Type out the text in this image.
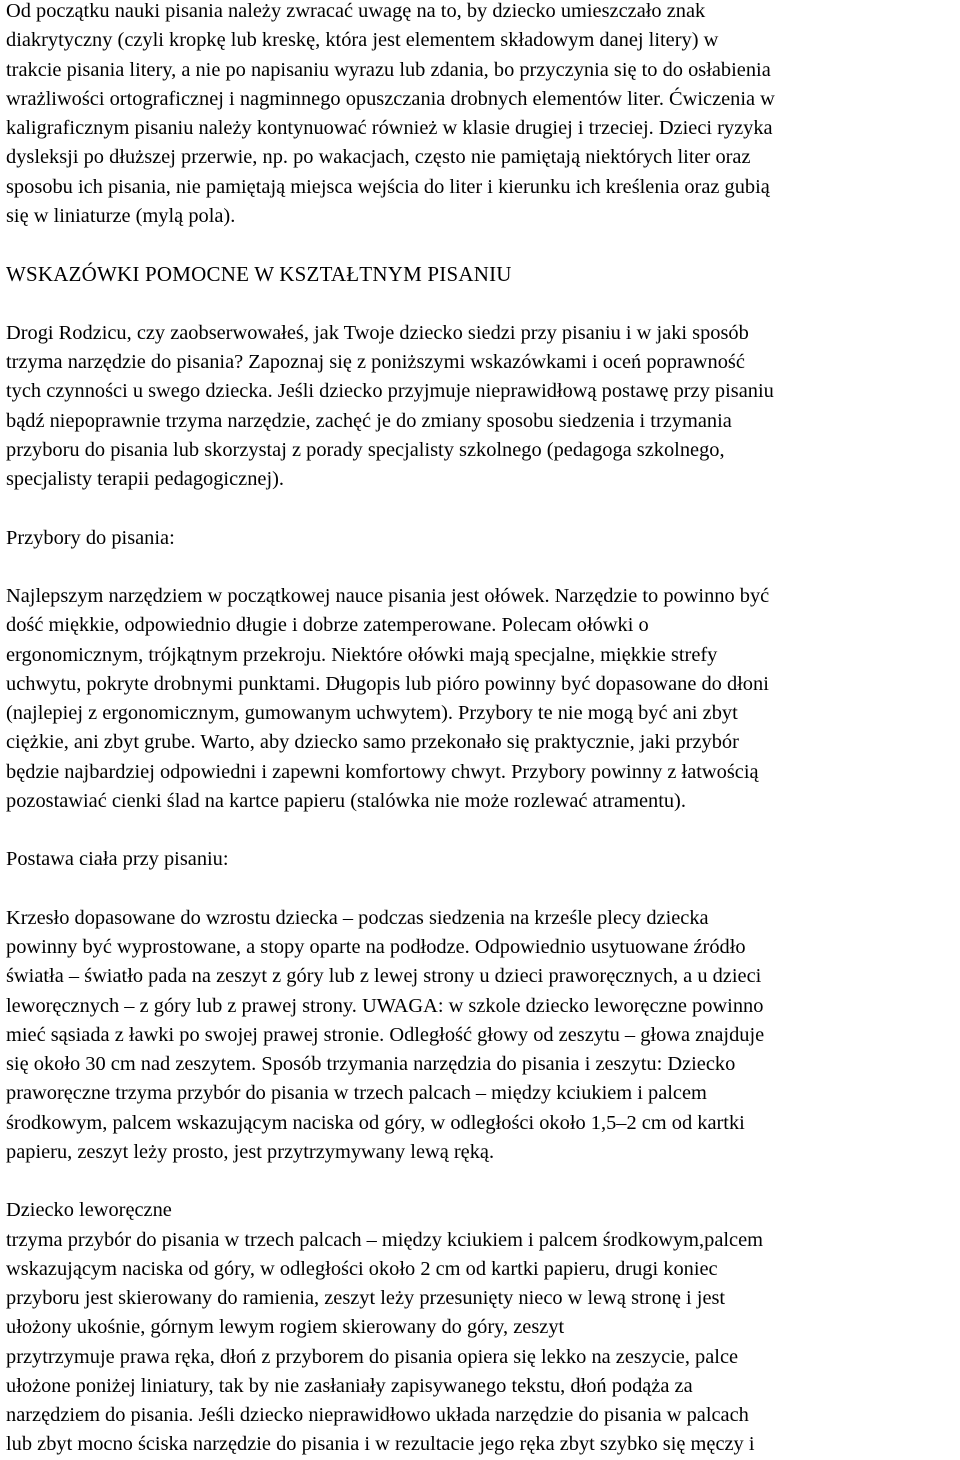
Od początku nauki pisania należy zwracać uwagę na to, by dziecko umieszczało znak
diakrytyczny (czyli kropkę lub kreskę, która jest elementem składowym danej litery) w
trakcie pisania litery, a nie po napisaniu wyrazu lub zdania, bo przyczynia się to do osłabienia
wrażliwości ortograficznej i nagminnego opuszczania drobnych elementów liter. Ćwiczenia w
kaligraficznym pisaniu należy kontynuować również w klasie drugiej i trzeciej. Dzieci ryzyka
dysleksji po dłuższej przerwie, np. po wakacjach, często nie pamiętają niektórych liter oraz
sposobu ich pisania, nie pamiętają miejsca wejścia do liter i kierunku ich kreślenia oraz gubią
się w liniaturze (mylą pola).

WSKAZÓWKI POMOCNE W KSZTAŁTNYM PISANIU

Drogi Rodzicu, czy zaobserwowałeś, jak Twoje dziecko siedzi przy pisaniu i w jaki sposób
trzyma narzędzie do pisania? Zapoznaj się z poniższymi wskazówkami i oceń poprawność
tych czynności u swego dziecka. Jeśli dziecko przyjmuje nieprawidłową postawę przy pisaniu
bądź niepoprawnie trzyma narzędzie, zachęć je do zmiany sposobu siedzenia i trzymania
przyboru do pisania lub skorzystaj z porady specjalisty szkolnego (pedagoga szkolnego,
specjalisty terapii pedagogicznej).

Przybory do pisania:

Najlepszym narzędziem w początkowej nauce pisania jest ołówek. Narzędzie to powinno być
dość miękkie, odpowiednio długie i dobrze zatemperowane. Polecam ołówki o
ergonomicznym, trójkątnym przekroju. Niektóre ołówki mają specjalne, miękkie strefy
uchwytu, pokryte drobnymi punktami. Długopis lub pióro powinny być dopasowane do dłoni
(najlepiej z ergonomicznym, gumowanym uchwytem). Przybory te nie mogą być ani zbyt
ciężkie, ani zbyt grube. Warto, aby dziecko samo przekonało się praktycznie, jaki przybór
będzie najbardziej odpowiedni i zapewni komfortowy chwyt. Przybory powinny z łatwością
pozostawiać cienki ślad na kartce papieru (stalówka nie może rozlewać atramentu).

Postawa ciała przy pisaniu:

Krzesło dopasowane do wzrostu dziecka – podczas siedzenia na krześle plecy dziecka
powinny być wyprostowane, a stopy oparte na podłodze. Odpowiednio usytuowane źródło
światła – światło pada na zeszyt z góry lub z lewej strony u dzieci praworęcznych, a u dzieci
leworęcznych – z góry lub z prawej strony. UWAGA: w szkole dziecko leworęczne powinno
mieć sąsiada z ławki po swojej prawej stronie. Odległość głowy od zeszytu – głowa znajduje
się około 30 cm nad zeszytem. Sposób trzymania narzędzia do pisania i zeszytu: Dziecko
praworęczne trzyma przybór do pisania w trzech palcach – między kciukiem i palcem
środkowym, palcem wskazującym naciska od góry, w odległości około 1,5–2 cm od kartki
papieru, zeszyt leży prosto, jest przytrzymywany lewą ręką.

Dziecko leworęczne

trzyma przybór do pisania w trzech palcach – między kciukiem i palcem środkowym,palcem
wskazującym naciska od góry, w odległości około 2 cm od kartki papieru, drugi koniec
przyboru jest skierowany do ramienia, zeszyt leży przesunięty nieco w lewą stronę i jest
ułożony ukośnie, górnym lewym rogiem skierowany do góry, zeszyt
przytrzymuje prawa ręka, dłoń z przyborem do pisania opiera się lekko na zeszycie, palce
ułożone poniżej liniatury, tak by nie zasłaniały zapisywanego tekstu, dłoń podąża za
narzędziem do pisania. Jeśli dziecko nieprawidłowo układa narzędzie do pisania w palcach
lub zbyt mocno ściska narzędzie do pisania i w rezultacie jego ręka zbyt szybko się męczy i
